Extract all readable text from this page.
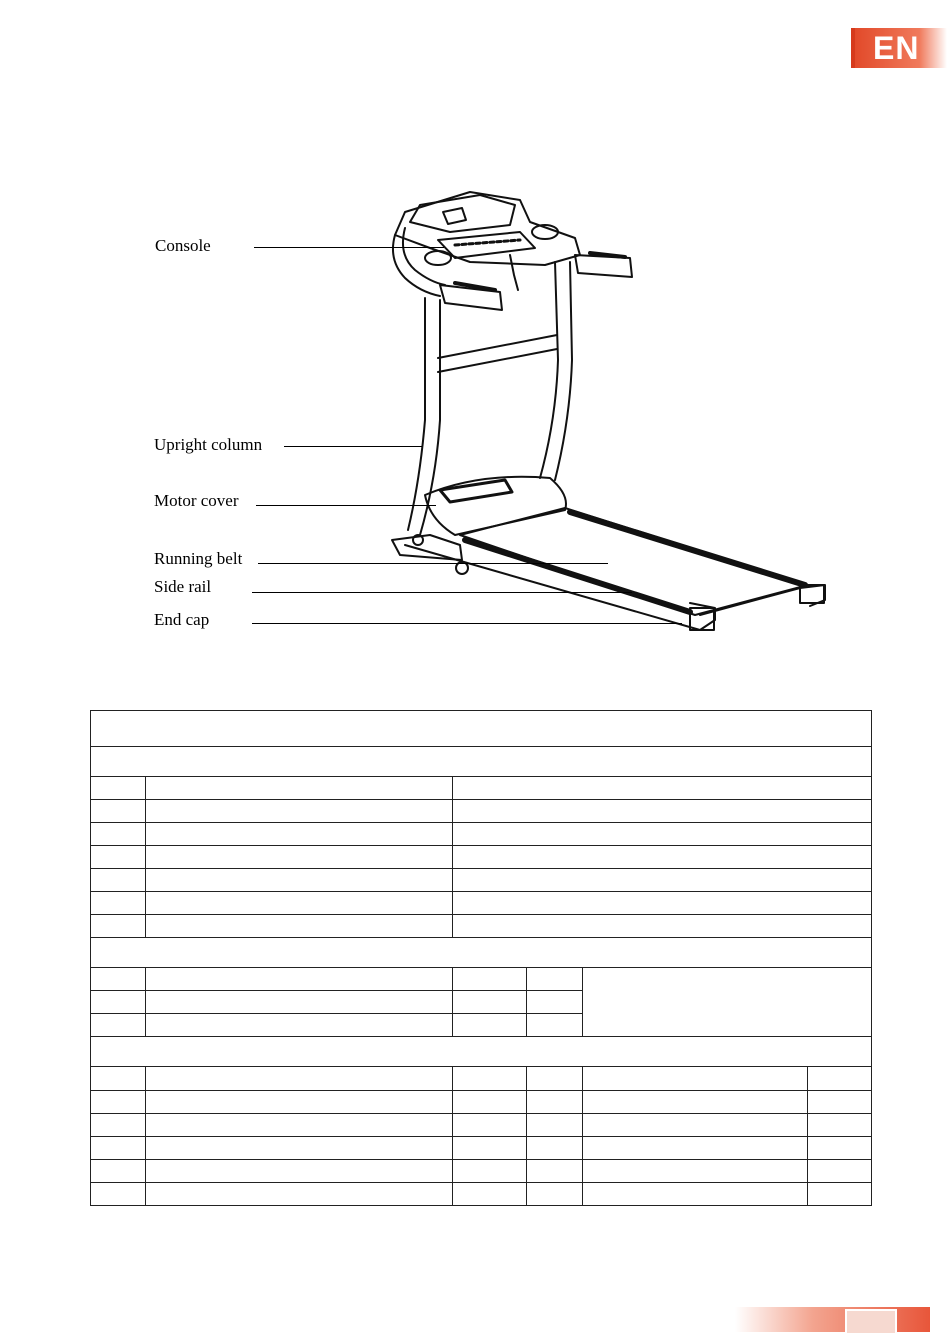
EN
Console
Upright column
Motor cover
Running belt
Side rail
End cap
